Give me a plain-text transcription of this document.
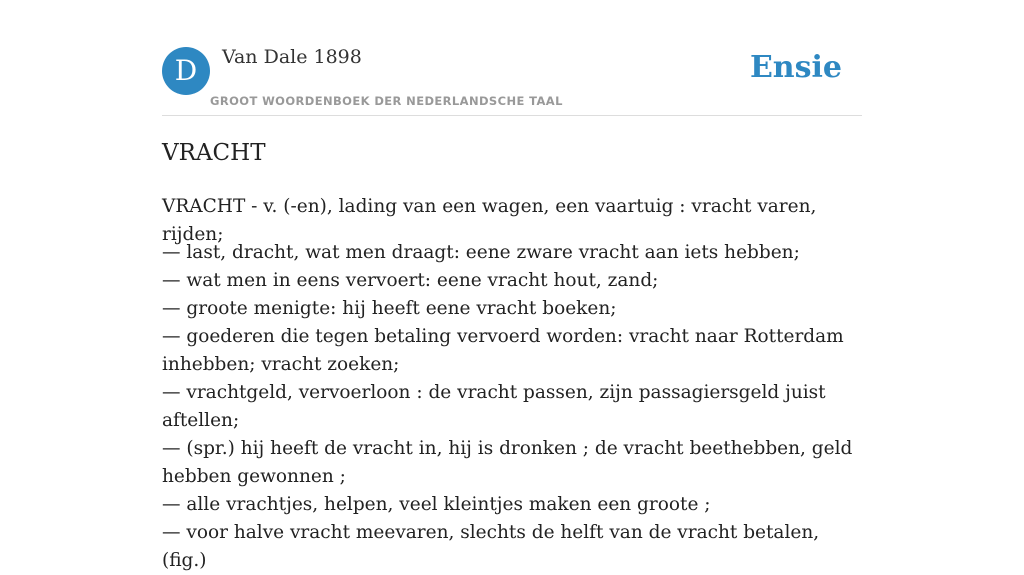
D	Van Dale 1898
GROOT WOORDENBOEK DER NEDERLANDSCHE TAAL
Ensie
VRACHT

VRACHT - v. (-en), lading van een wagen, een vaartuig : vracht varen, rijden;

— last, dracht, wat men draagt: eene zware vracht aan iets hebben;
— wat men in eens vervoert: eene vracht hout, zand;
— groote menigte: hij heeft eene vracht boeken;
— goederen die tegen betaling vervoerd worden: vracht naar Rotterdam inhebben; vracht zoeken;
— vrachtgeld, vervoerloon : de vracht passen, zijn passagiersgeld juist aftellen;
— (spr.) hij heeft de vracht in, hij is dronken ; de vracht beethebben, geld hebben gewonnen ;
— alle vrachtjes, helpen, veel kleintjes maken een groote ;
— voor halve vracht meevaren, slechts de helft van de vracht betalen, (fig.)
